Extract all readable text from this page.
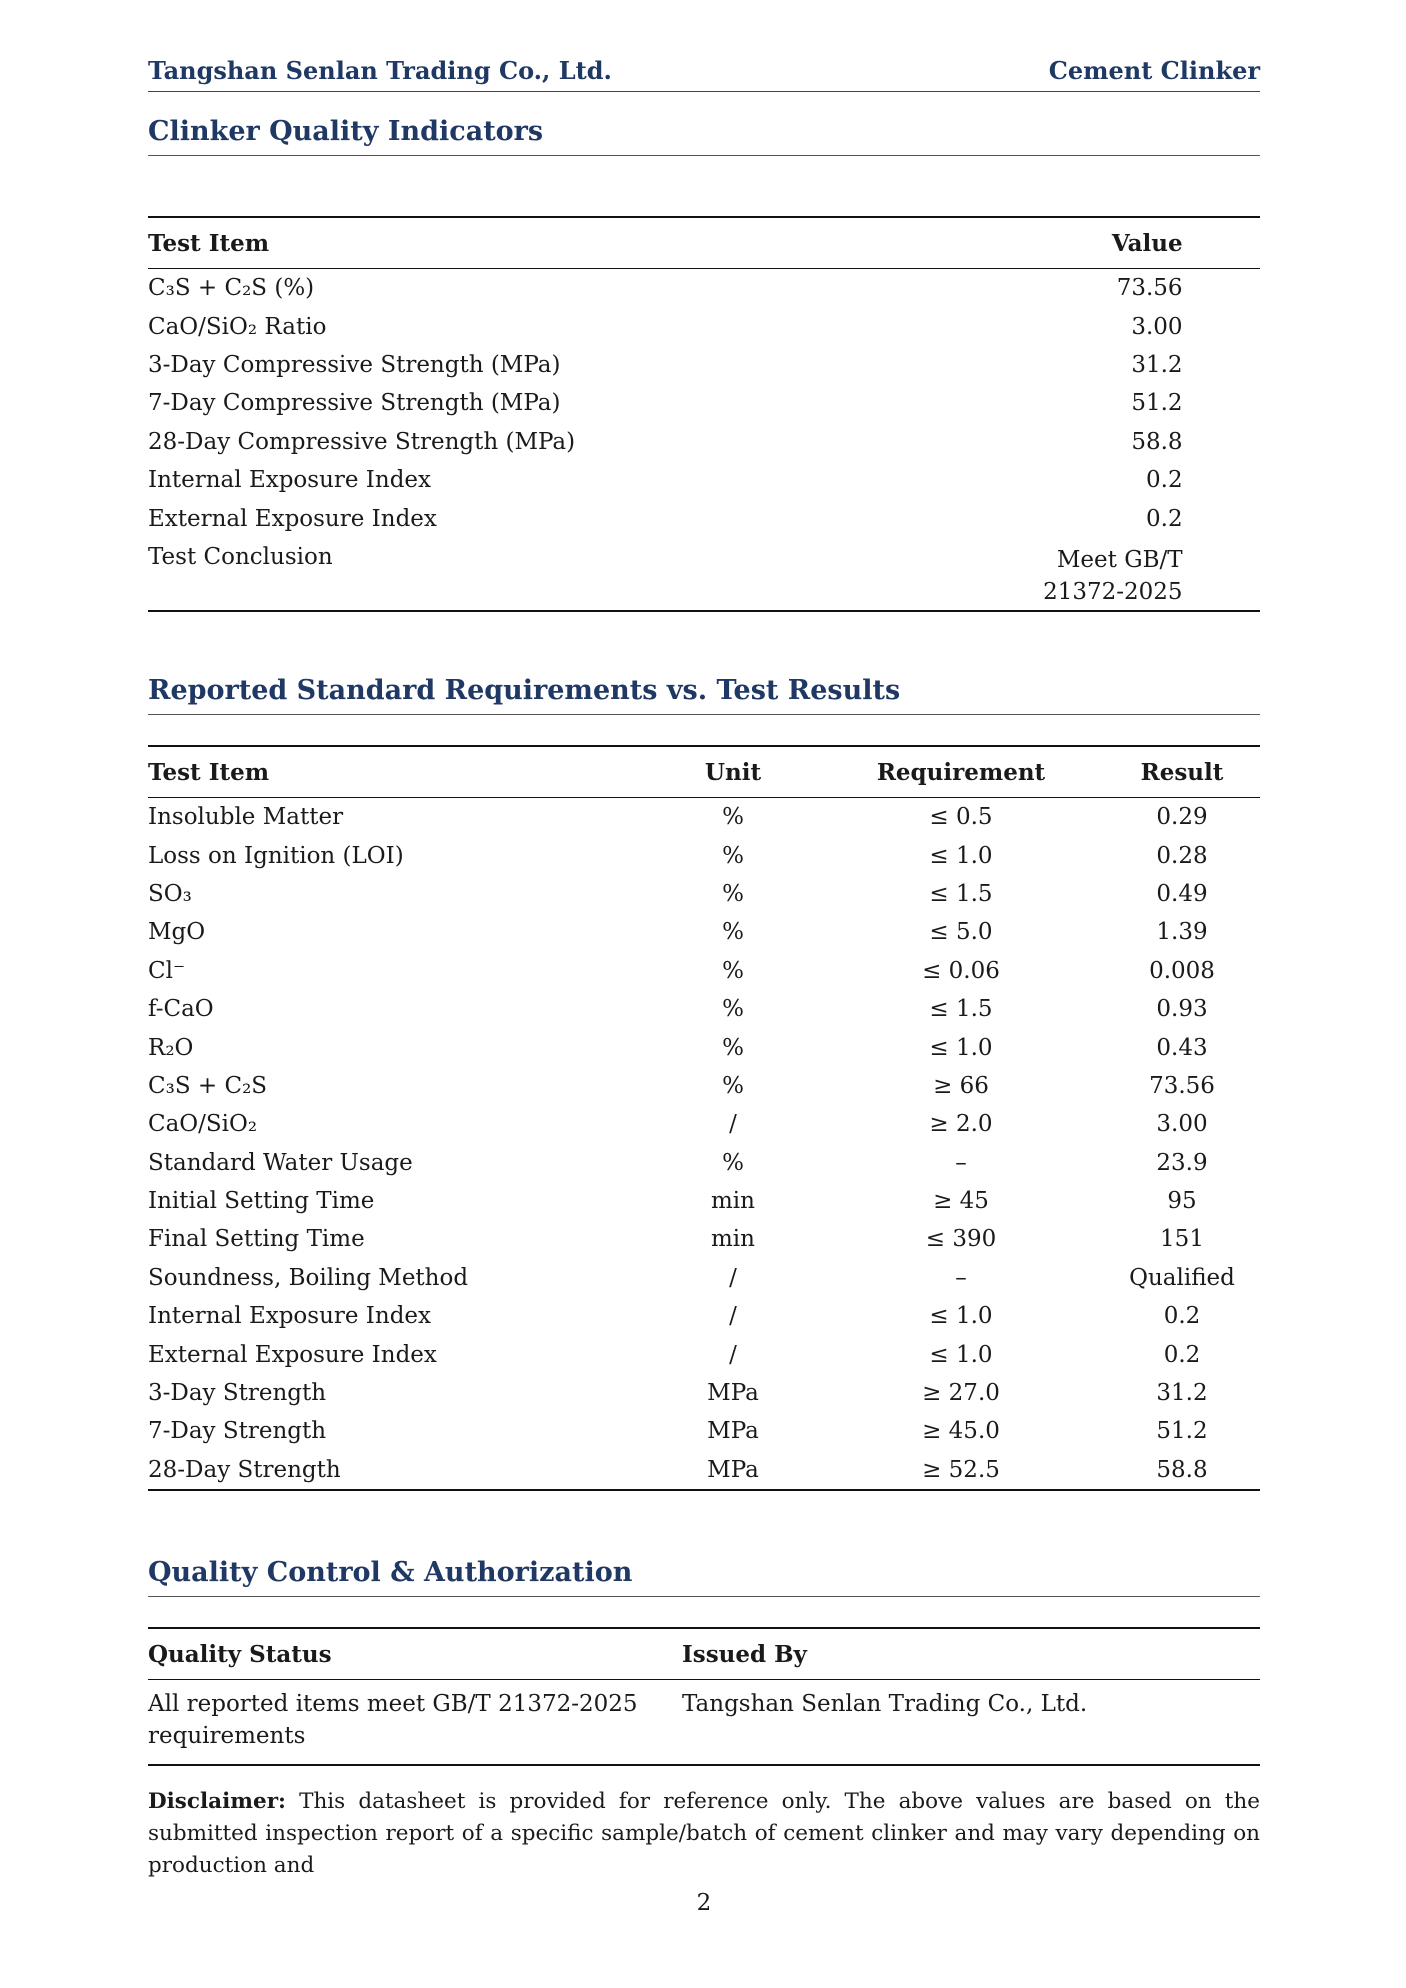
Tangshan Senlan Trading Co., Ltd.	Cement Clinker
Clinker Quality Indicators
Test Item	Value	
C₃S + C₂S (%)	73.56	
CaO/SiO₂ Ratio	3.00	
3-Day Compressive Strength (MPa)	31.2	
7-Day Compressive Strength (MPa)	51.2	
28-Day Compressive Strength (MPa)	58.8	
Internal Exposure Index	0.2	
External Exposure Index	0.2	
Test Conclusion	Meet GB/T
21372-2025	

Reported Standard Requirements vs. Test Results
Test Item	Unit	Requirement	Result
Insoluble Matter	%	≤ 0.5	0.29
Loss on Ignition (LOI)	%	≤ 1.0	0.28
SO₃	%	≤ 1.5	0.49
MgO	%	≤ 5.0	1.39
Cl⁻	%	≤ 0.06	0.008
f-CaO	%	≤ 1.5	0.93
R₂O	%	≤ 1.0	0.43
C₃S + C₂S	%	≥ 66	73.56
CaO/SiO₂	/	≥ 2.0	3.00
Standard Water Usage	%	–	23.9
Initial Setting Time	min	≥ 45	95
Final Setting Time	min	≤ 390	151
Soundness, Boiling Method	/	–	Qualified
Internal Exposure Index	/	≤ 1.0	0.2
External Exposure Index	/	≤ 1.0	0.2
3-Day Strength	MPa	≥ 27.0	31.2
7-Day Strength	MPa	≥ 45.0	51.2
28-Day Strength	MPa	≥ 52.5	58.8
Quality Control & Authorization
Quality Status	Issued By

All reported items meet GB/T 21372-2025
requirements	Tangshan Senlan Trading Co., Ltd.
Disclaimer: This datasheet is provided for reference only. The above values are based on the submitted inspection report of a specific sample/batch of cement clinker and may vary depending on production and
2
